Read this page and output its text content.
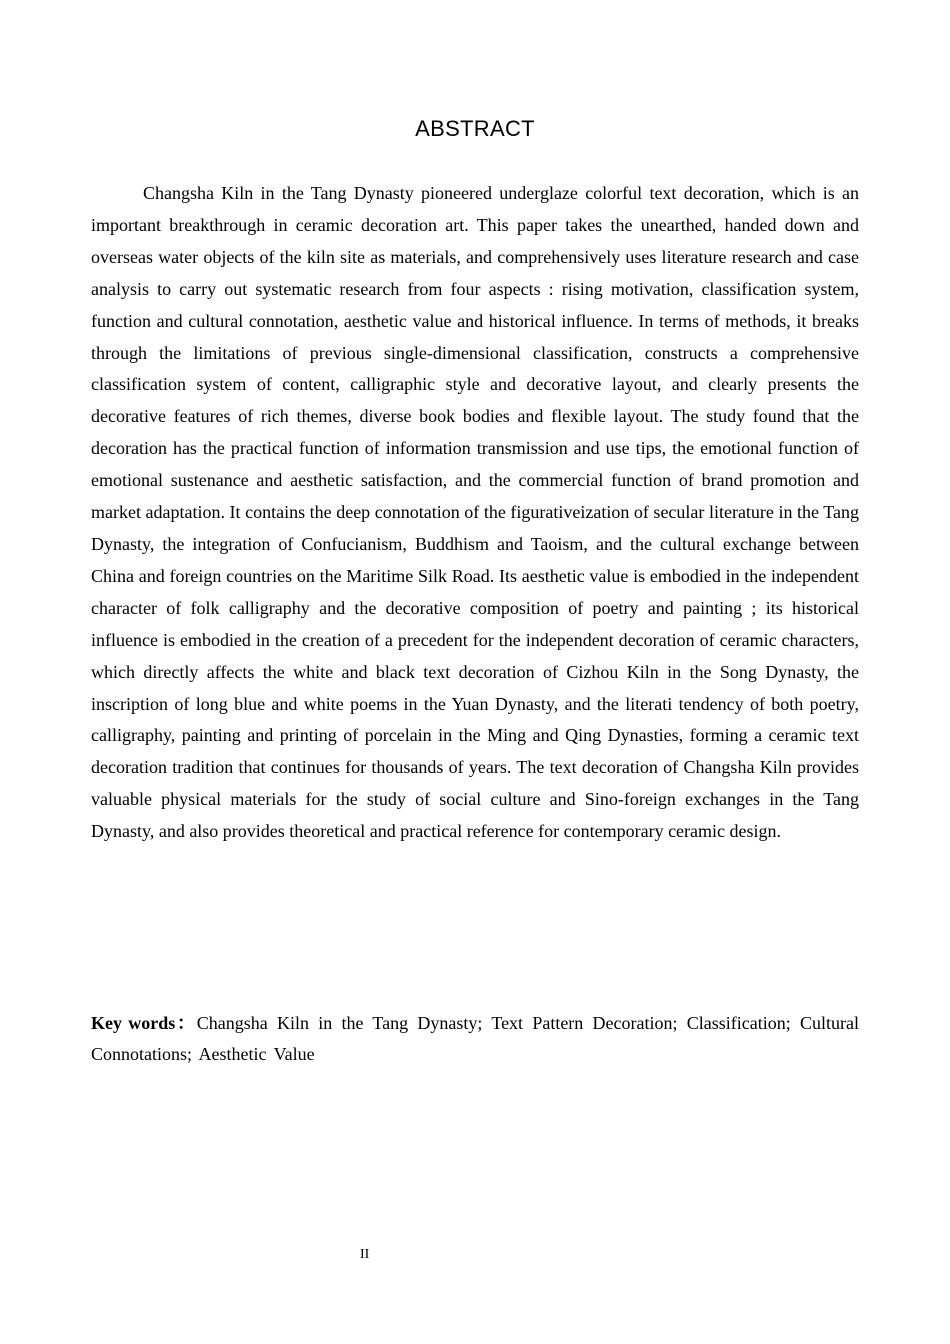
ABSTRACT

Changsha Kiln in the Tang Dynasty pioneered underglaze colorful text decoration, which is an important breakthrough in ceramic decoration art. This paper takes the unearthed, handed down and overseas water objects of the kiln site as materials, and comprehensively uses literature research and case analysis to carry out systematic research from four aspects : rising motivation, classification system, function and cultural connotation, aesthetic value and historical influence. In terms of methods, it breaks through the limitations of previous single-dimensional classification, constructs a comprehensive classification system of content, calligraphic style and decorative layout, and clearly presents the decorative features of rich themes, diverse book bodies and flexible layout. The study found that the decoration has the practical function of information transmission and use tips, the emotional function of emotional sustenance and aesthetic satisfaction, and the commercial function of brand promotion and market adaptation. It contains the deep connotation of the figurativeization of secular literature in the Tang Dynasty, the integration of Confucianism, Buddhism and Taoism, and the cultural exchange between China and foreign countries on the Maritime Silk Road. Its aesthetic value is embodied in the independent character of folk calligraphy and the decorative composition of poetry and painting ; its historical influence is embodied in the creation of a precedent for the independent decoration of ceramic characters, which directly affects the white and black text decoration of Cizhou Kiln in the Song Dynasty, the inscription of long blue and white poems in the Yuan Dynasty, and the literati tendency of both poetry, calligraphy, painting and printing of porcelain in the Ming and Qing Dynasties, forming a ceramic text decoration tradition that continues for thousands of years. The text decoration of Changsha Kiln provides valuable physical materials for the study of social culture and Sino-foreign exchanges in the Tang Dynasty, and also provides theoretical and practical reference for contemporary ceramic design.

Key words：Changsha Kiln in the Tang Dynasty; Text Pattern Decoration; Classification; Cultural Connotations; Aesthetic Value

II
